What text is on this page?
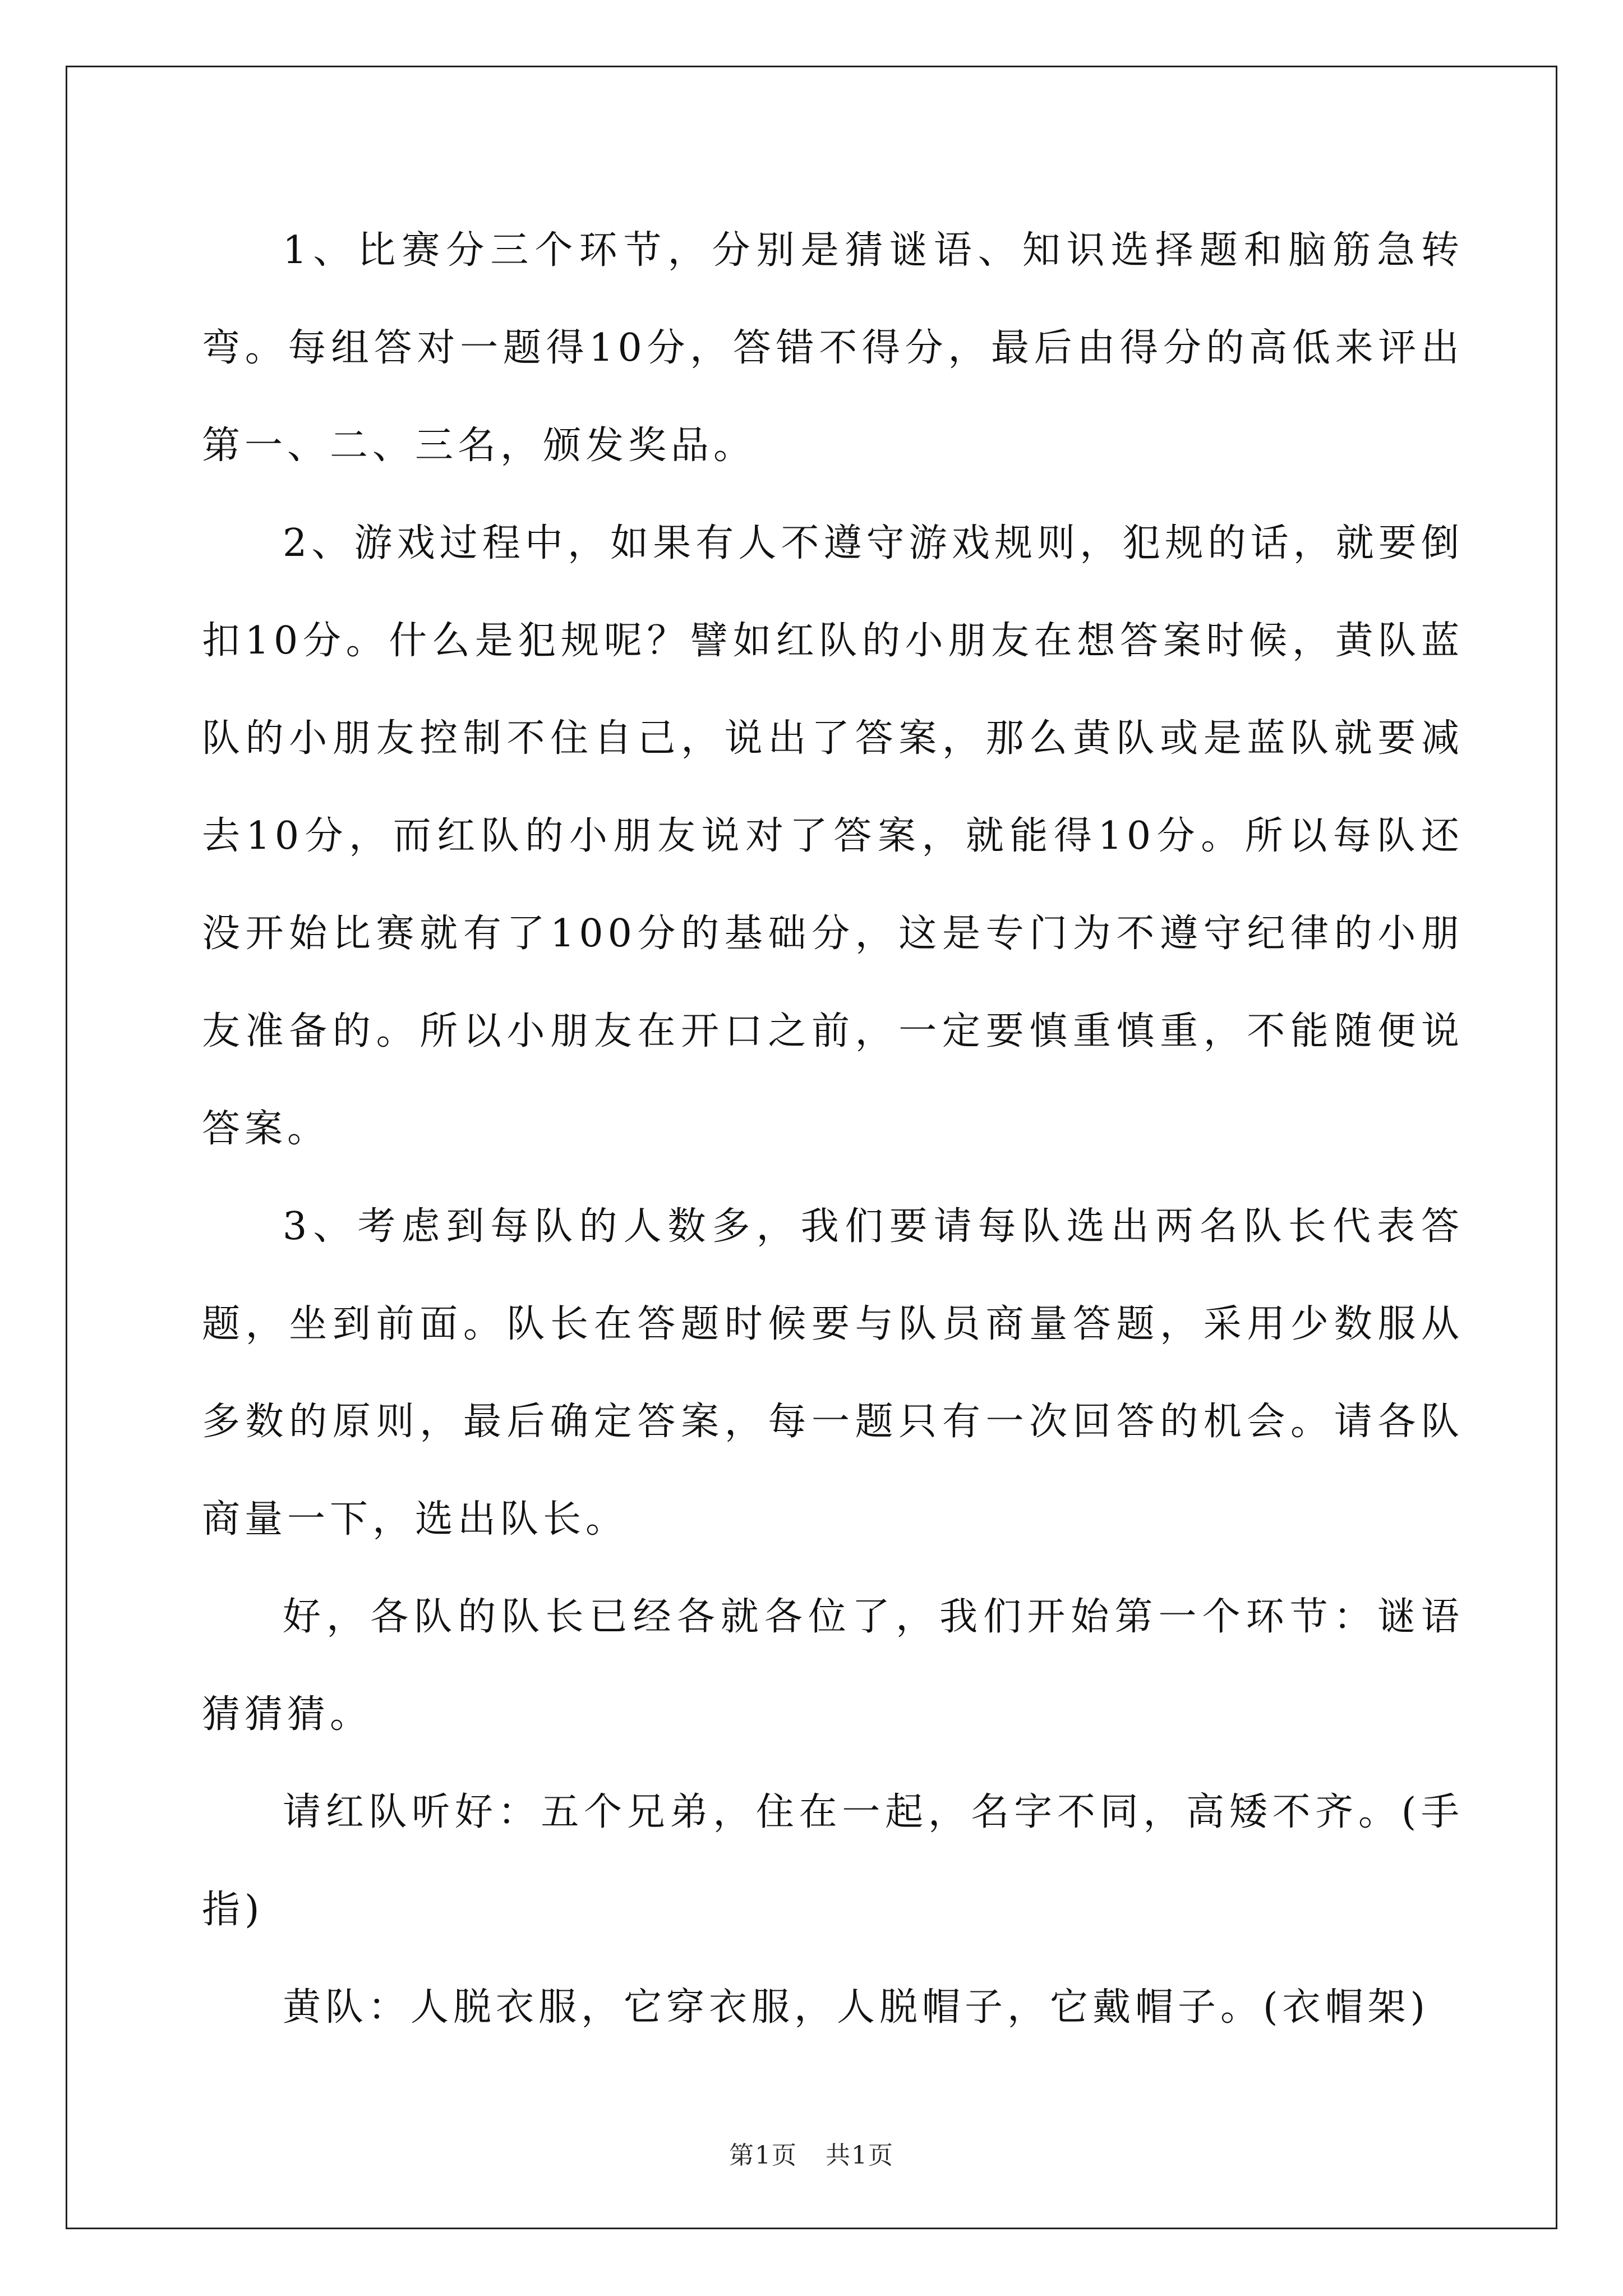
1、比赛分三个环节，分别是猜谜语、知识选择题和脑筋急转弯。每组答对一题得10分，答错不得分，最后由得分的高低来评出第一、二、三名，颁发奖品。

2、游戏过程中，如果有人不遵守游戏规则，犯规的话，就要倒扣10分。什么是犯规呢？譬如红队的小朋友在想答案时候，黄队蓝队的小朋友控制不住自己，说出了答案，那么黄队或是蓝队就要减去10分，而红队的小朋友说对了答案，就能得10分。所以每队还没开始比赛就有了100分的基础分，这是专门为不遵守纪律的小朋友准备的。所以小朋友在开口之前，一定要慎重慎重，不能随便说答案。

3、考虑到每队的人数多，我们要请每队选出两名队长代表答题，坐到前面。队长在答题时候要与队员商量答题，采用少数服从多数的原则，最后确定答案，每一题只有一次回答的机会。请各队商量一下，选出队长。

好，各队的队长已经各就各位了，我们开始第一个环节：谜语猜猜猜。

请红队听好：五个兄弟，住在一起，名字不同，高矮不齐。(手指)

黄队：人脱衣服，它穿衣服，人脱帽子，它戴帽子。(衣帽架)

第1页 共1页
